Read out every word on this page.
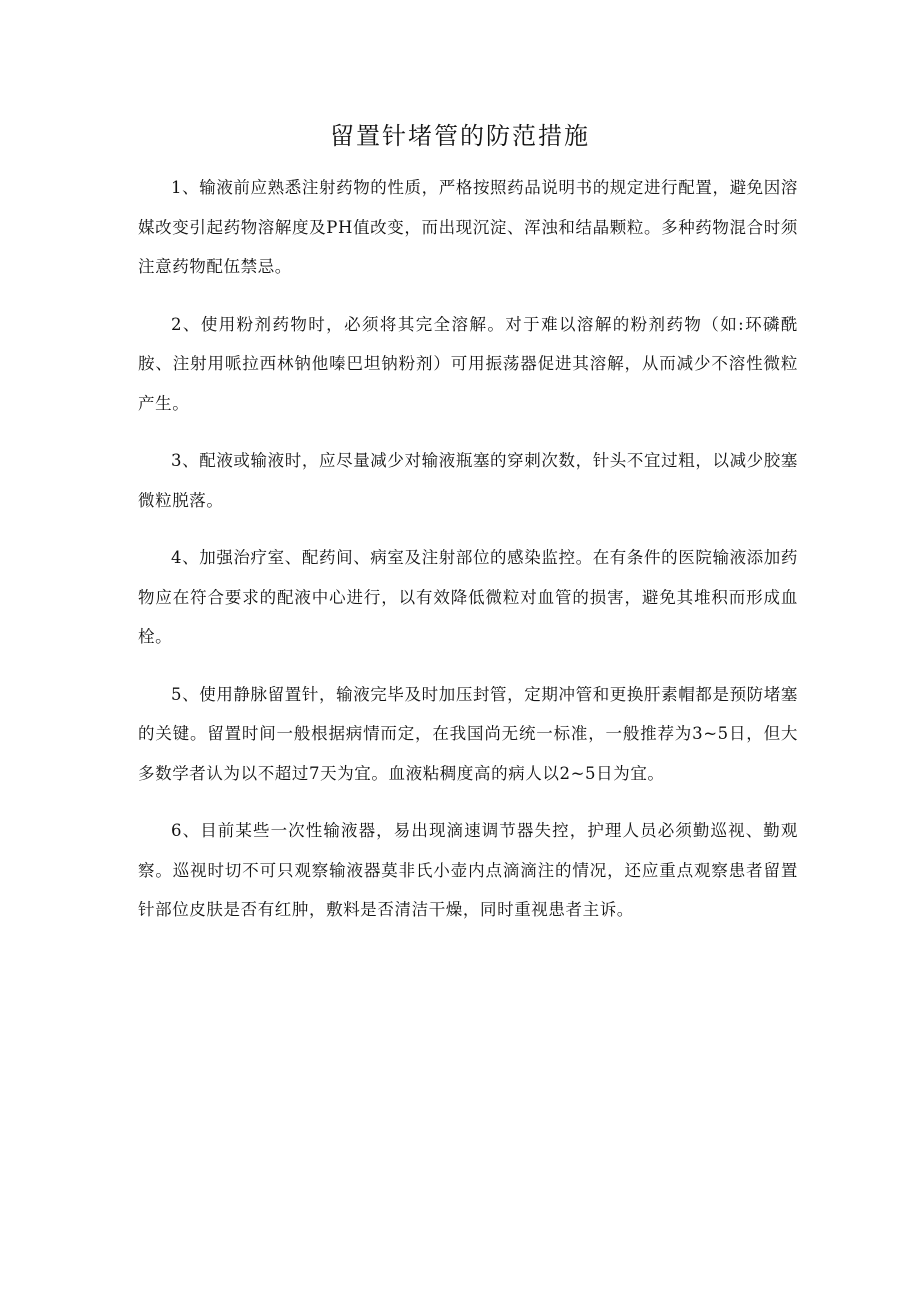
留置针堵管的防范措施

1、输液前应熟悉注射药物的性质，严格按照药品说明书的规定进行配置，避免因溶媒改变引起药物溶解度及PH值改变，而出现沉淀、浑浊和结晶颗粒。多种药物混合时须注意药物配伍禁忌。

2、使用粉剂药物时，必须将其完全溶解。对于难以溶解的粉剂药物（如:环磷酰胺、注射用哌拉西林钠他嗪巴坦钠粉剂）可用振荡器促进其溶解，从而减少不溶性微粒产生。

3、配液或输液时，应尽量减少对输液瓶塞的穿刺次数，针头不宜过粗，以减少胶塞微粒脱落。

4、加强治疗室、配药间、病室及注射部位的感染监控。在有条件的医院输液添加药物应在符合要求的配液中心进行，以有效降低微粒对血管的损害，避免其堆积而形成血栓。

5、使用静脉留置针，输液完毕及时加压封管，定期冲管和更换肝素帽都是预防堵塞的关键。留置时间一般根据病情而定，在我国尚无统一标准，一般推荐为3~5日，但大多数学者认为以不超过7天为宜。血液粘稠度高的病人以2~5日为宜。

6、目前某些一次性输液器，易出现滴速调节器失控，护理人员必须勤巡视、勤观察。巡视时切不可只观察输液器莫非氏小壶内点滴滴注的情况，还应重点观察患者留置针部位皮肤是否有红肿，敷料是否清洁干燥，同时重视患者主诉。
